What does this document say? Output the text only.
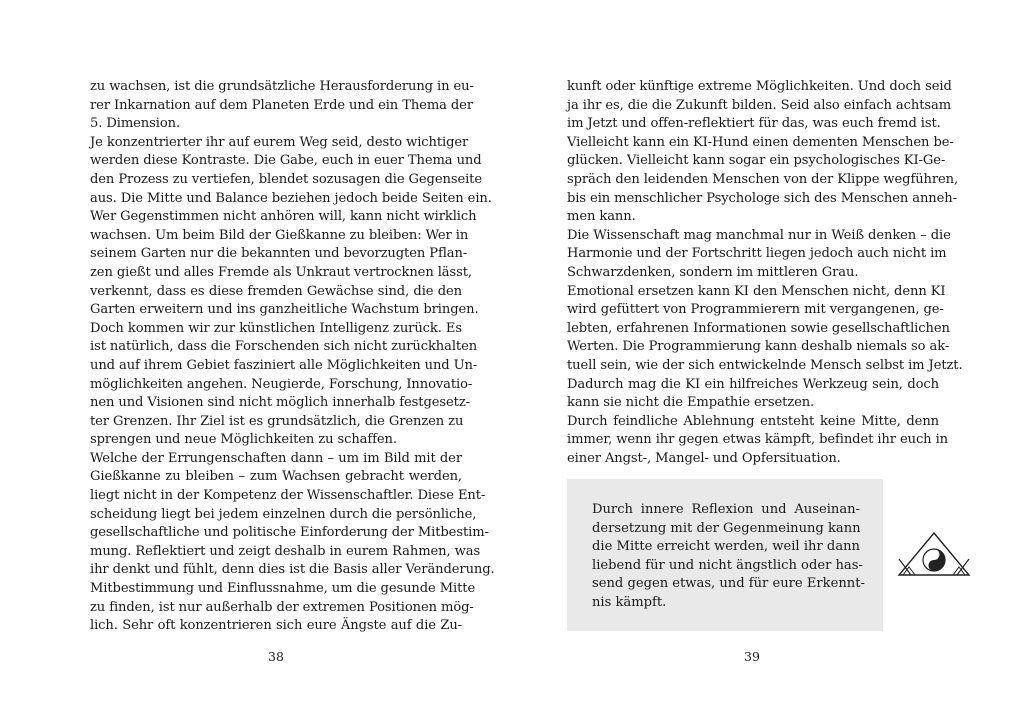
zu wachsen, ist die grundsätzliche Herausforderung in eu-
rer Inkarnation auf dem Planeten Erde und ein Thema der
5. Dimension.
Je konzentrierter ihr auf eurem Weg seid, desto wichtiger
werden diese Kontraste. Die Gabe, euch in euer Thema und
den Prozess zu vertiefen, blendet sozusagen die Gegenseite
aus. Die Mitte und Balance beziehen jedoch beide Seiten ein.
Wer Gegenstimmen nicht anhören will, kann nicht wirklich
wachsen. Um beim Bild der Gießkanne zu bleiben: Wer in
seinem Garten nur die bekannten und bevorzugten Pflan-
zen gießt und alles Fremde als Unkraut vertrocknen lässt,
verkennt, dass es diese fremden Gewächse sind, die den
Garten erweitern und ins ganzheitliche Wachstum bringen.
Doch kommen wir zur künstlichen Intelligenz zurück. Es
ist natürlich, dass die Forschenden sich nicht zurückhalten
und auf ihrem Gebiet fasziniert alle Möglichkeiten und Un-
möglichkeiten angehen. Neugierde, Forschung, Innovatio-
nen und Visionen sind nicht möglich innerhalb festgesetz-
ter Grenzen. Ihr Ziel ist es grundsätzlich, die Grenzen zu
sprengen und neue Möglichkeiten zu schaffen.
Welche der Errungenschaften dann – um im Bild mit der
Gießkanne zu bleiben – zum Wachsen gebracht werden,
liegt nicht in der Kompetenz der Wissenschaftler. Diese Ent-
scheidung liegt bei jedem einzelnen durch die persönliche,
gesellschaftliche und politische Einforderung der Mitbestim-
mung. Reflektiert und zeigt deshalb in eurem Rahmen, was
ihr denkt und fühlt, denn dies ist die Basis aller Veränderung.
Mitbestimmung und Einflussnahme, um die gesunde Mitte
zu finden, ist nur außerhalb der extremen Positionen mög-
lich. Sehr oft konzentrieren sich eure Ängste auf die Zu-
38
kunft oder künftige extreme Möglichkeiten. Und doch seid
ja ihr es, die die Zukunft bilden. Seid also einfach achtsam
im Jetzt und offen-reflektiert für das, was euch fremd ist.
Vielleicht kann ein KI-Hund einen dementen Menschen be-
glücken. Vielleicht kann sogar ein psychologisches KI-Ge-
spräch den leidenden Menschen von der Klippe wegführen,
bis ein menschlicher Psychologe sich des Menschen anneh-
men kann.
Die Wissenschaft mag manchmal nur in Weiß denken – die
Harmonie und der Fortschritt liegen jedoch auch nicht im
Schwarzdenken, sondern im mittleren Grau.
Emotional ersetzen kann KI den Menschen nicht, denn KI
wird gefüttert von Programmierern mit vergangenen, ge-
lebten, erfahrenen Informationen sowie gesellschaftlichen
Werten. Die Programmierung kann deshalb niemals so ak-
tuell sein, wie der sich entwickelnde Mensch selbst im Jetzt.
Dadurch mag die KI ein hilfreiches Werkzeug sein, doch
kann sie nicht die Empathie ersetzen.
Durch feindliche Ablehnung entsteht keine Mitte, denn
immer, wenn ihr gegen etwas kämpft, befindet ihr euch in
einer Angst-, Mangel- und Opfersituation.
Durch innere Reflexion und Auseinan-
dersetzung mit der Gegenmeinung kann
die Mitte erreicht werden, weil ihr dann
liebend für und nicht ängstlich oder has-
send gegen etwas, und für eure Erkennt-
nis kämpft.
39
